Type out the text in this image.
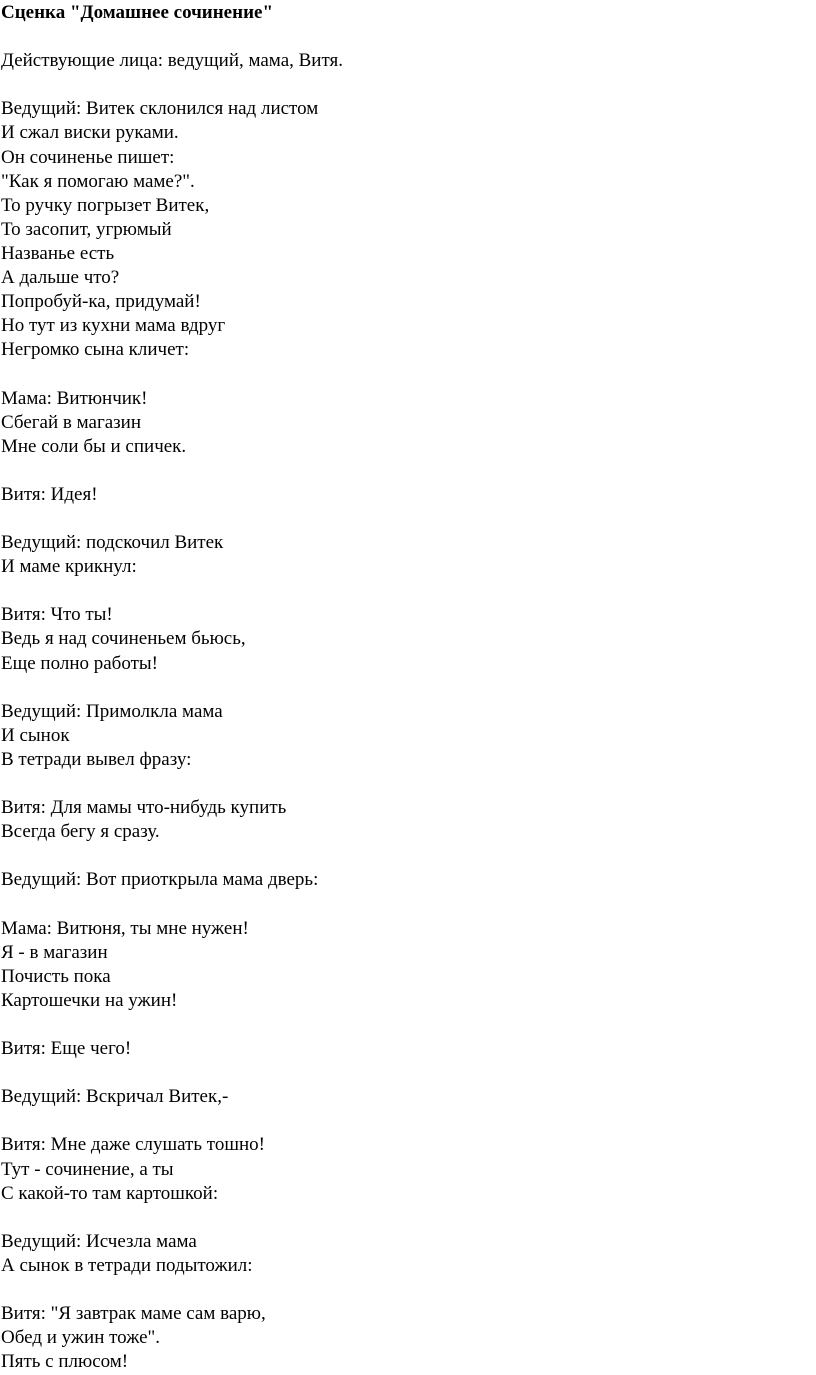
Сценка "Домашнее сочинение"
Действующие лица: ведущий, мама, Витя.
Ведущий: Витек склонился над листом
И сжал виски руками.
Он сочиненье пишет:
"Как я помогаю маме?".
То ручку погрызет Витек,
То засопит, угрюмый
Названье есть
А дальше что?
Попробуй-ка, придумай!
Но тут из кухни мама вдруг
Негромко сына кличет:
Мама: Витюнчик!
Сбегай в магазин
Мне соли бы и спичек.
Витя: Идея!
Ведущий: подскочил Витек
И маме крикнул:
Витя: Что ты!
Ведь я над сочиненьем бьюсь,
Еще полно работы!
Ведущий: Примолкла мама
И сынок
В тетради вывел фразу:
Витя: Для мамы что-нибудь купить
Всегда бегу я сразу.
Ведущий: Вот приоткрыла мама дверь:
Мама: Витюня, ты мне нужен!
Я - в магазин
Почисть пока
Картошечки на ужин!
Витя: Еще чего!
Ведущий: Вскричал Витек,-
Витя: Мне даже слушать тошно!
Тут - сочинение, а ты
С какой-то там картошкой:
Ведущий: Исчезла мама
А сынок в тетради подытожил:
Витя: "Я завтрак маме сам варю,
Обед и ужин тоже".
Пять с плюсом!
